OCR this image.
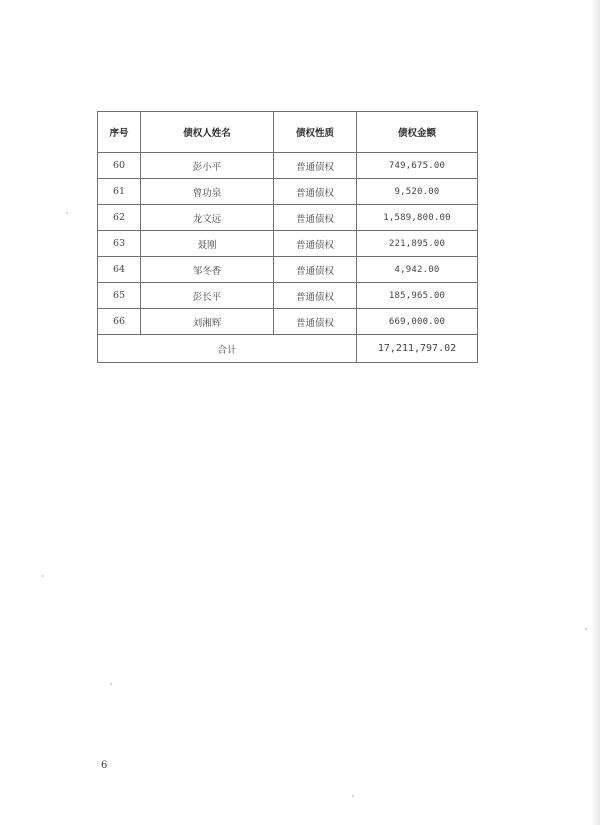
序号	债权人姓名	债权性质	债权金额
60	彭小平	普通债权	749,675.00
61	曾功泉	普通债权	9,520.00
62	龙文远	普通债权	1,589,800.00
63	聂刚	普通债权	221,895.00
64	邹冬香	普通债权	4,942.00
65	彭长平	普通债权	185,965.00
66	刘湘辉	普通债权	669,000.00
合计			17,211,797.02
6
